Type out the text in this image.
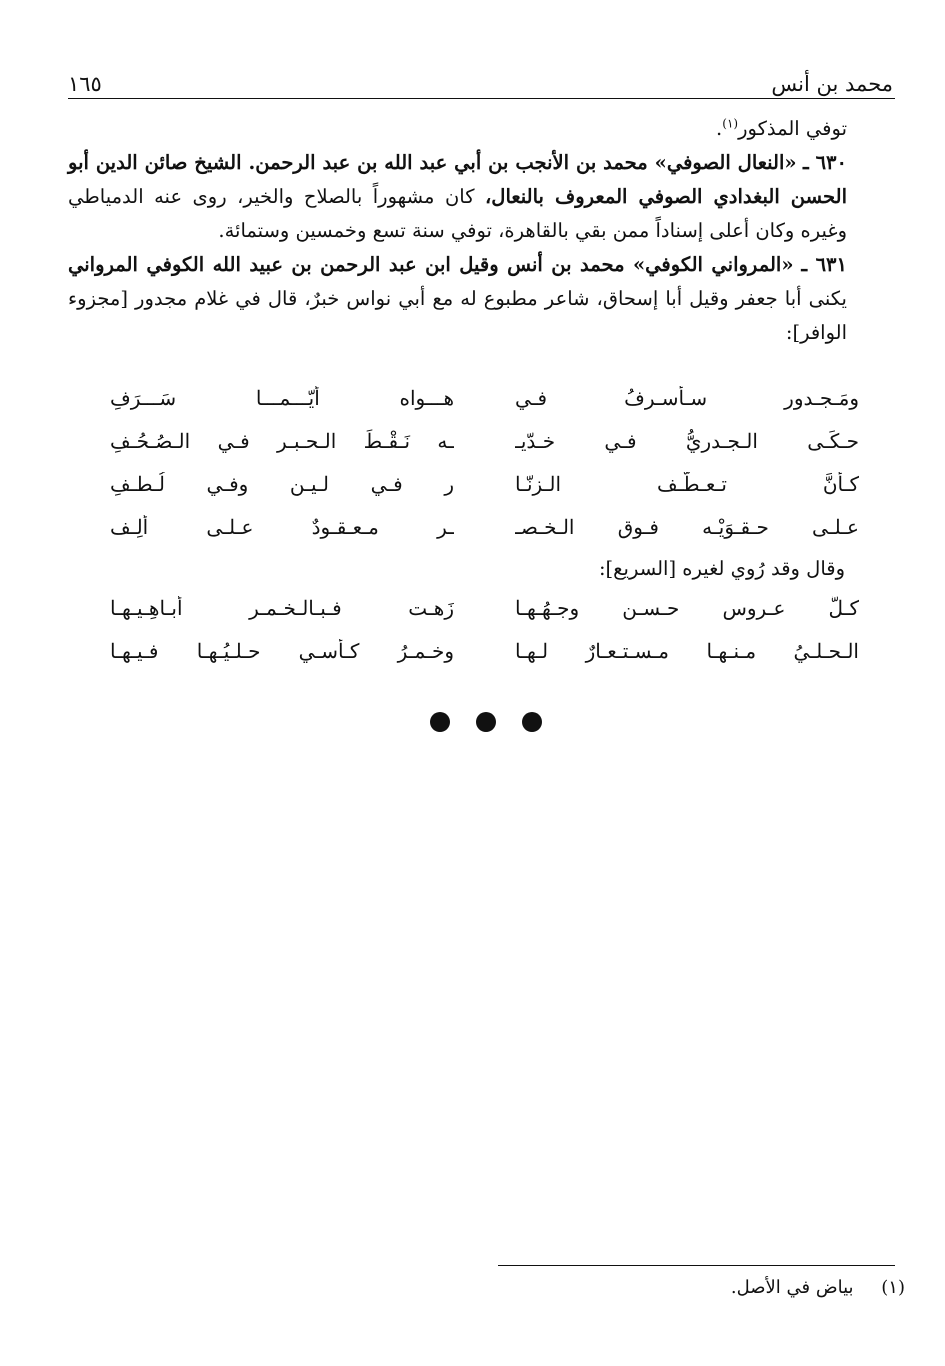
١٦٥	محمد بن أنس

توفي المذكور$^{(١)}$.

٦٣٠ ـ «النعال الصوفي» محمد بن الأنجب بن أبي عبد الله بن عبد الرحمن. الشيخ صائن الدين أبو الحسن البغدادي الصوفي المعروف بالنعال، كان مشهوراً بالصلاح والخير، روى عنه الدمياطي وغيره وكان أعلى إسناداً ممن بقي بالقاهرة، توفي سنة تسع وخمسين وستمائة.

٦٣١ ـ «المرواني الكوفي» محمد بن أنس وقيل ابن عبد الرحمن بن عبيد الله الكوفي المرواني يكنى أبا جعفر وقيل أبا إسحاق، شاعر مطبوع له مع أبي نواس خبرٌ، قال في غلام مجدور [مجزوء الوافر]:

ومَـجـدور سـأسـرفُ فـي
هـــواه أيّـــمـــا سَـــرَفِ
حـكَـى الـجـدريُّ فـي خـدّيـ
ـه نَـقْـطَ الـحـبـر فـي الـصُـحُـفِ
كـأنَّ تـعـطُّـف الـزنّـا
ر فـي لـيـنٍ وفـي لُـطـفِ
عـلـى حـقـوَيْـه فـوق الـخـصـ
ـر مـعـقـودٌ عـلـى أَلِـف
وقال وقد رُوي لغيره [السريع]:
كـلُّ عـروسٍ حـسـنٍ وجـهُـهـا
زَهـت فـبـالـخـمـر أبـاهِـيـهـا
الـحـلـيُ مـنـهـا مـسـتـعـارٌ لـهـا
وخـمـرُ كـأسـي حـلـيُـهـا فـيـهـا
(١) بياض في الأصل.
